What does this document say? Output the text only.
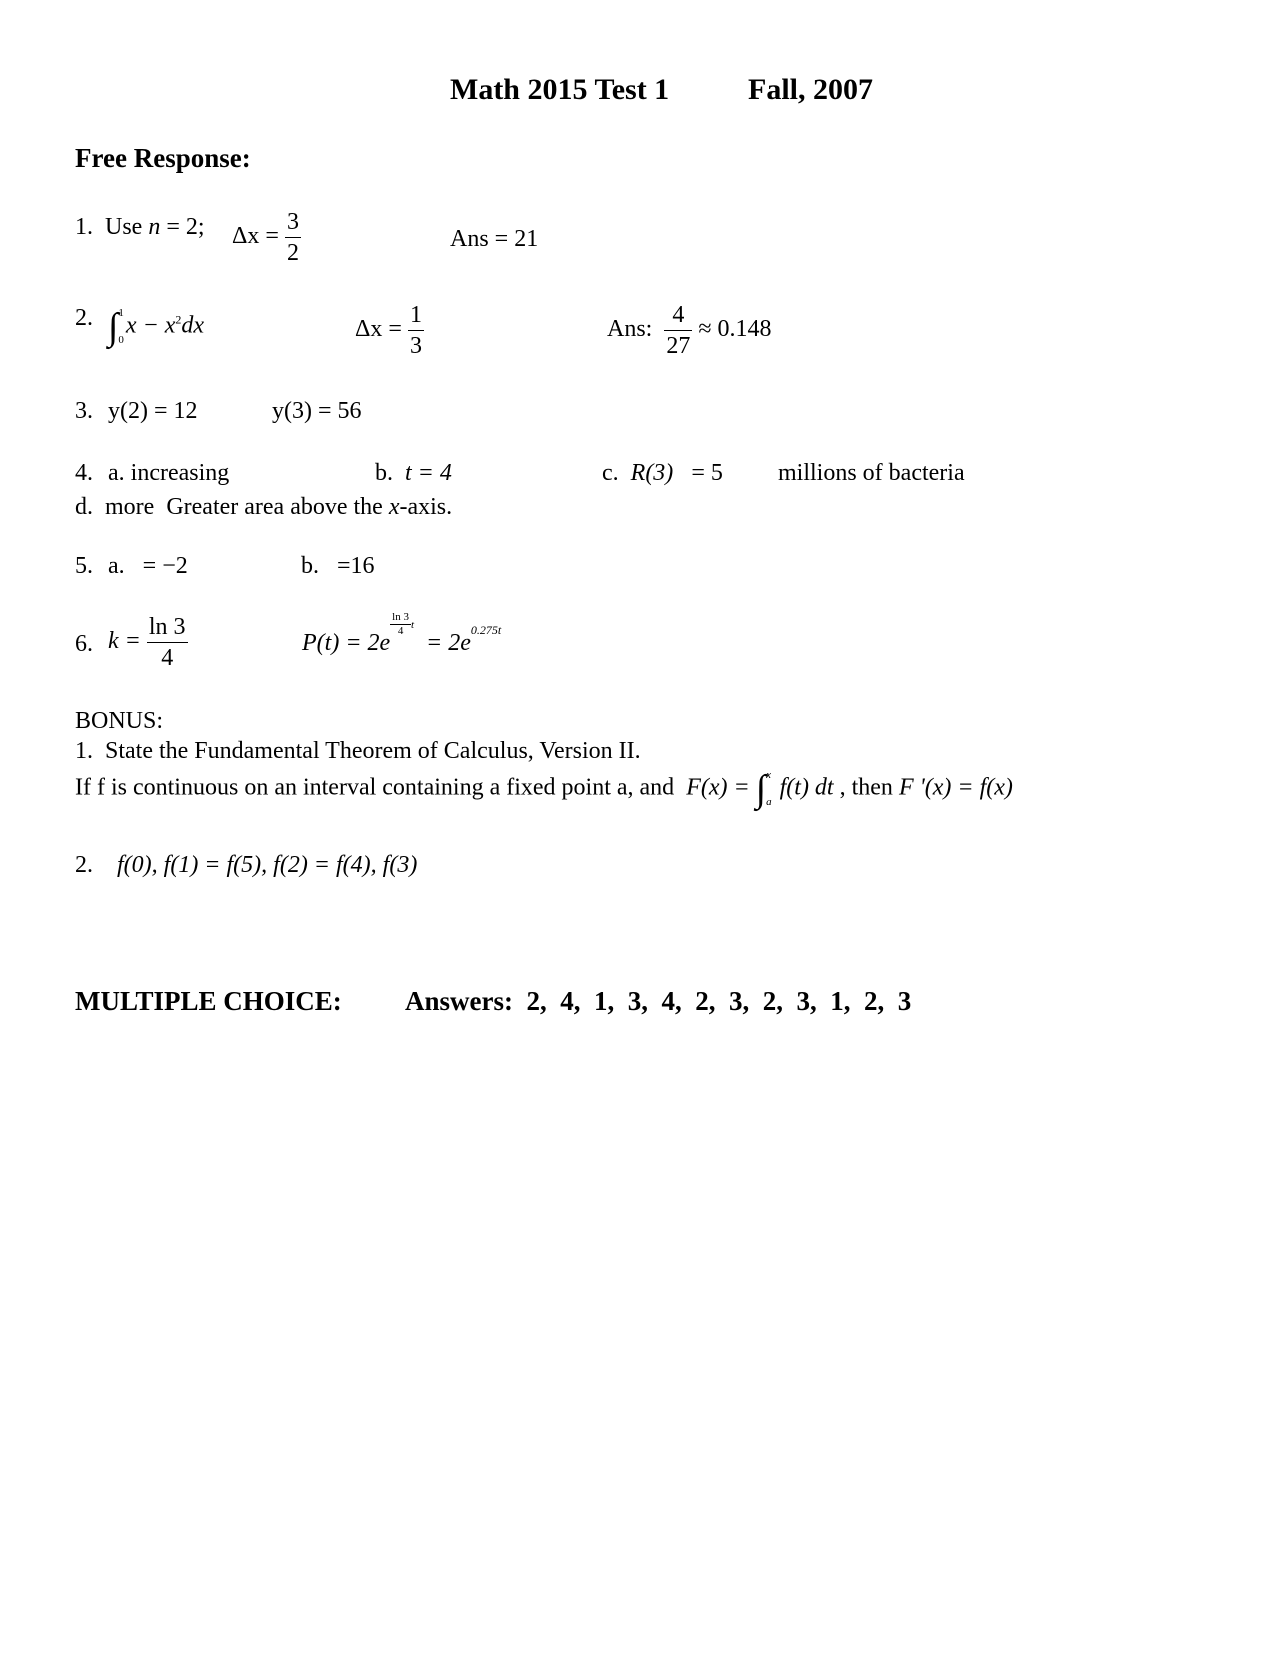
Math 2015 Test 1	Fall, 2007
Free Response:
1. Use n = 2; $\Delta x = \frac{3}{2}$	Ans = 21
2. ∫ 1
0
$x - x^2dx$	$\Delta x = \frac{1}{3}$	Ans: $\frac{4}{27} \approx 0.148$
3. y(2) = 12	y(3) = 56
4. a. increasing	b. t = 4	c. R(3) = 5 millions of bacteria
d. more Greater area above the x-axis.
5. a. = −2	b. =16
6. $k = \frac{\ln 3}{4}$	P(t) = 2e
$\frac{\ln 3}{4}$ t
= $2e^{0.275t}$
BONUS:
1. State the Fundamental Theorem of Calculus, Version II.
If f is continuous on an interval containing a fixed point a, and F(x) = ∫ x
a
f(t) dt , then F '(x) = f(x)
2. f(0), f(1) = f(5), f(2) = f(4), f(3)
MULTIPLE CHOICE: Answers: 2,  4,  1,  3,  4,  2,  3,  2,  3,  1,  2,  3
